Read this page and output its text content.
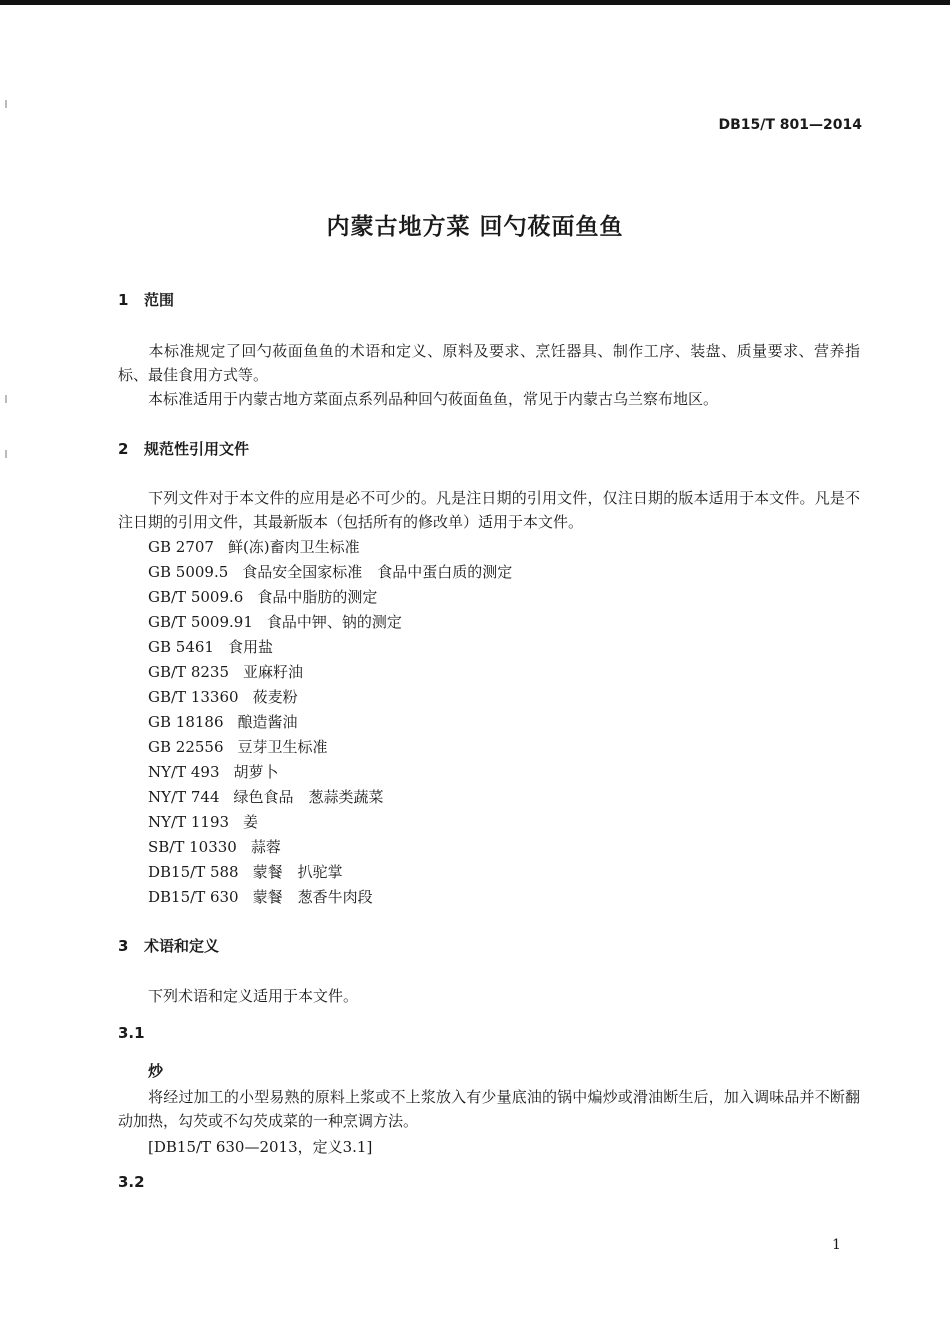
DB15/T 801—2014
内蒙古地方菜 回勺莜面鱼鱼
1 范围
本标准规定了回勺莜面鱼鱼的术语和定义、原料及要求、烹饪器具、制作工序、装盘、质量要求、营养指标、最佳食用方式等。
本标准适用于内蒙古地方菜面点系列品种回勺莜面鱼鱼，常见于内蒙古乌兰察布地区。
2 规范性引用文件
下列文件对于本文件的应用是必不可少的。凡是注日期的引用文件，仅注日期的版本适用于本文件。凡是不注日期的引用文件，其最新版本（包括所有的修改单）适用于本文件。
GB 2707 鲜(冻)畜肉卫生标准
GB 5009.5 食品安全国家标准　食品中蛋白质的测定
GB/T 5009.6 食品中脂肪的测定
GB/T 5009.91 食品中钾、钠的测定
GB 5461 食用盐
GB/T 8235 亚麻籽油
GB/T 13360 莜麦粉
GB 18186 酿造酱油
GB 22556 豆芽卫生标准
NY/T 493 胡萝卜
NY/T 744 绿色食品　葱蒜类蔬菜
NY/T 1193 姜
SB/T 10330 蒜蓉
DB15/T 588 蒙餐　扒驼掌
DB15/T 630 蒙餐　葱香牛肉段
3 术语和定义
下列术语和定义适用于本文件。
3.1
炒
将经过加工的小型易熟的原料上浆或不上浆放入有少量底油的锅中煸炒或滑油断生后，加入调味品并不断翻动加热，勾芡或不勾芡成菜的一种烹调方法。
[DB15/T 630—2013，定义3.1]
3.2
1
